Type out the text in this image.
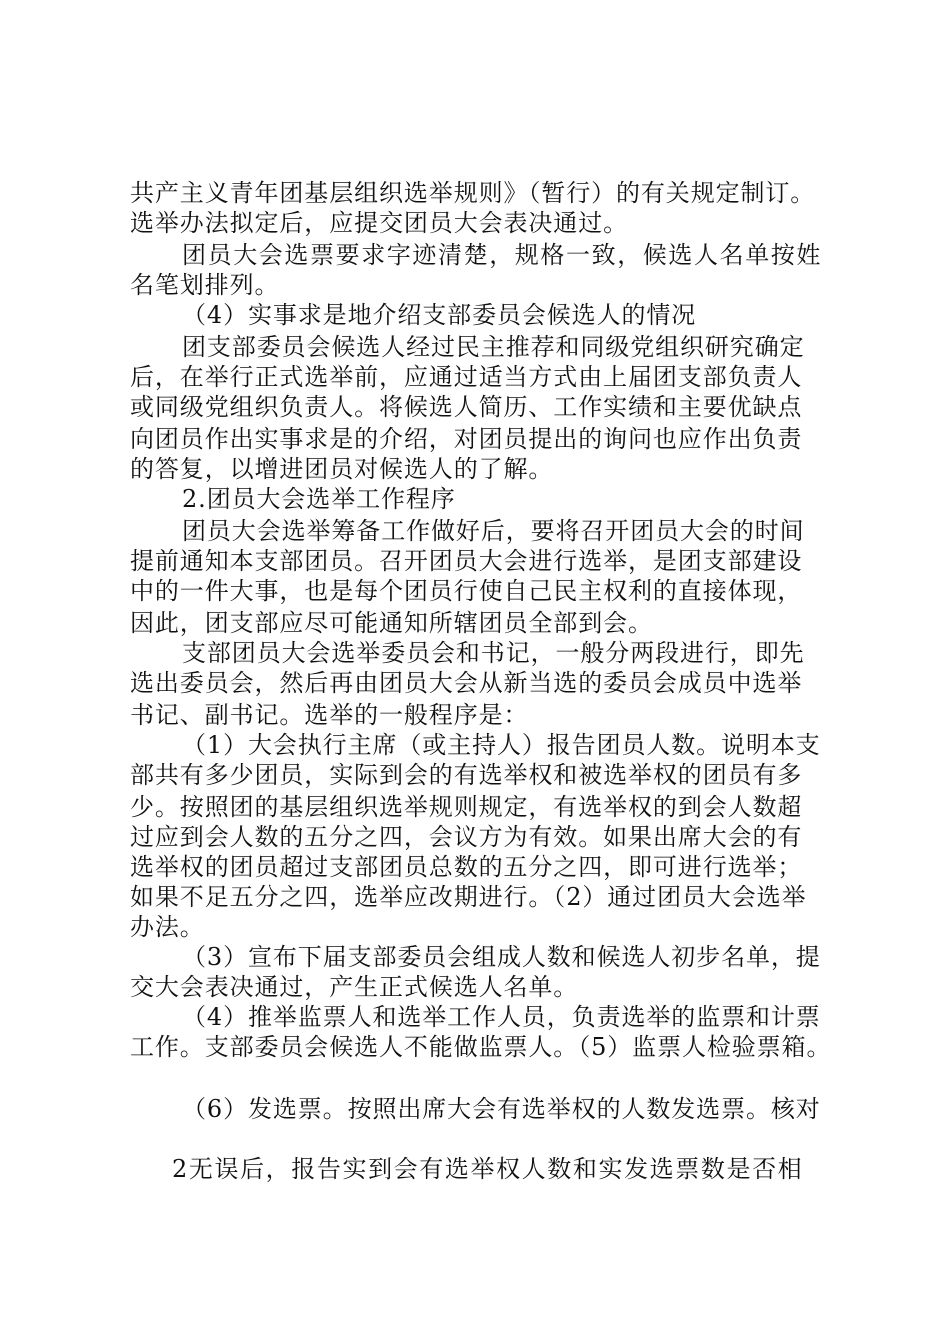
共产主义青年团基层组织选举规则》（暂行）的有关规定制订。
选举办法拟定后，应提交团员大会表决通过。
团员大会选票要求字迹清楚，规格一致，候选人名单按姓
名笔划排列。
（4）实事求是地介绍支部委员会候选人的情况
团支部委员会候选人经过民主推荐和同级党组织研究确定
后，在举行正式选举前，应通过适当方式由上届团支部负责人
或同级党组织负责人。将候选人简历、工作实绩和主要优缺点
向团员作出实事求是的介绍，对团员提出的询问也应作出负责
的答复，以增进团员对候选人的了解。
2.团员大会选举工作程序
团员大会选举筹备工作做好后，要将召开团员大会的时间
提前通知本支部团员。召开团员大会进行选举，是团支部建设
中的一件大事，也是每个团员行使自己民主权利的直接体现，
因此，团支部应尽可能通知所辖团员全部到会。
支部团员大会选举委员会和书记，一般分两段进行，即先
选出委员会，然后再由团员大会从新当选的委员会成员中选举
书记、副书记。选举的一般程序是：
（1）大会执行主席（或主持人）报告团员人数。说明本支
部共有多少团员，实际到会的有选举权和被选举权的团员有多
少。按照团的基层组织选举规则规定，有选举权的到会人数超
过应到会人数的五分之四，会议方为有效。如果出席大会的有
选举权的团员超过支部团员总数的五分之四，即可进行选举；
如果不足五分之四，选举应改期进行。（2）通过团员大会选举
办法。
（3）宣布下届支部委员会组成人数和候选人初步名单，提
交大会表决通过，产生正式候选人名单。
（4）推举监票人和选举工作人员，负责选举的监票和计票
工作。支部委员会候选人不能做监票人。（5）监票人检验票箱。
（6）发选票。按照出席大会有选举权的人数发选票。核对
2无误后，报告实到会有选举权人数和实发选票数是否相
